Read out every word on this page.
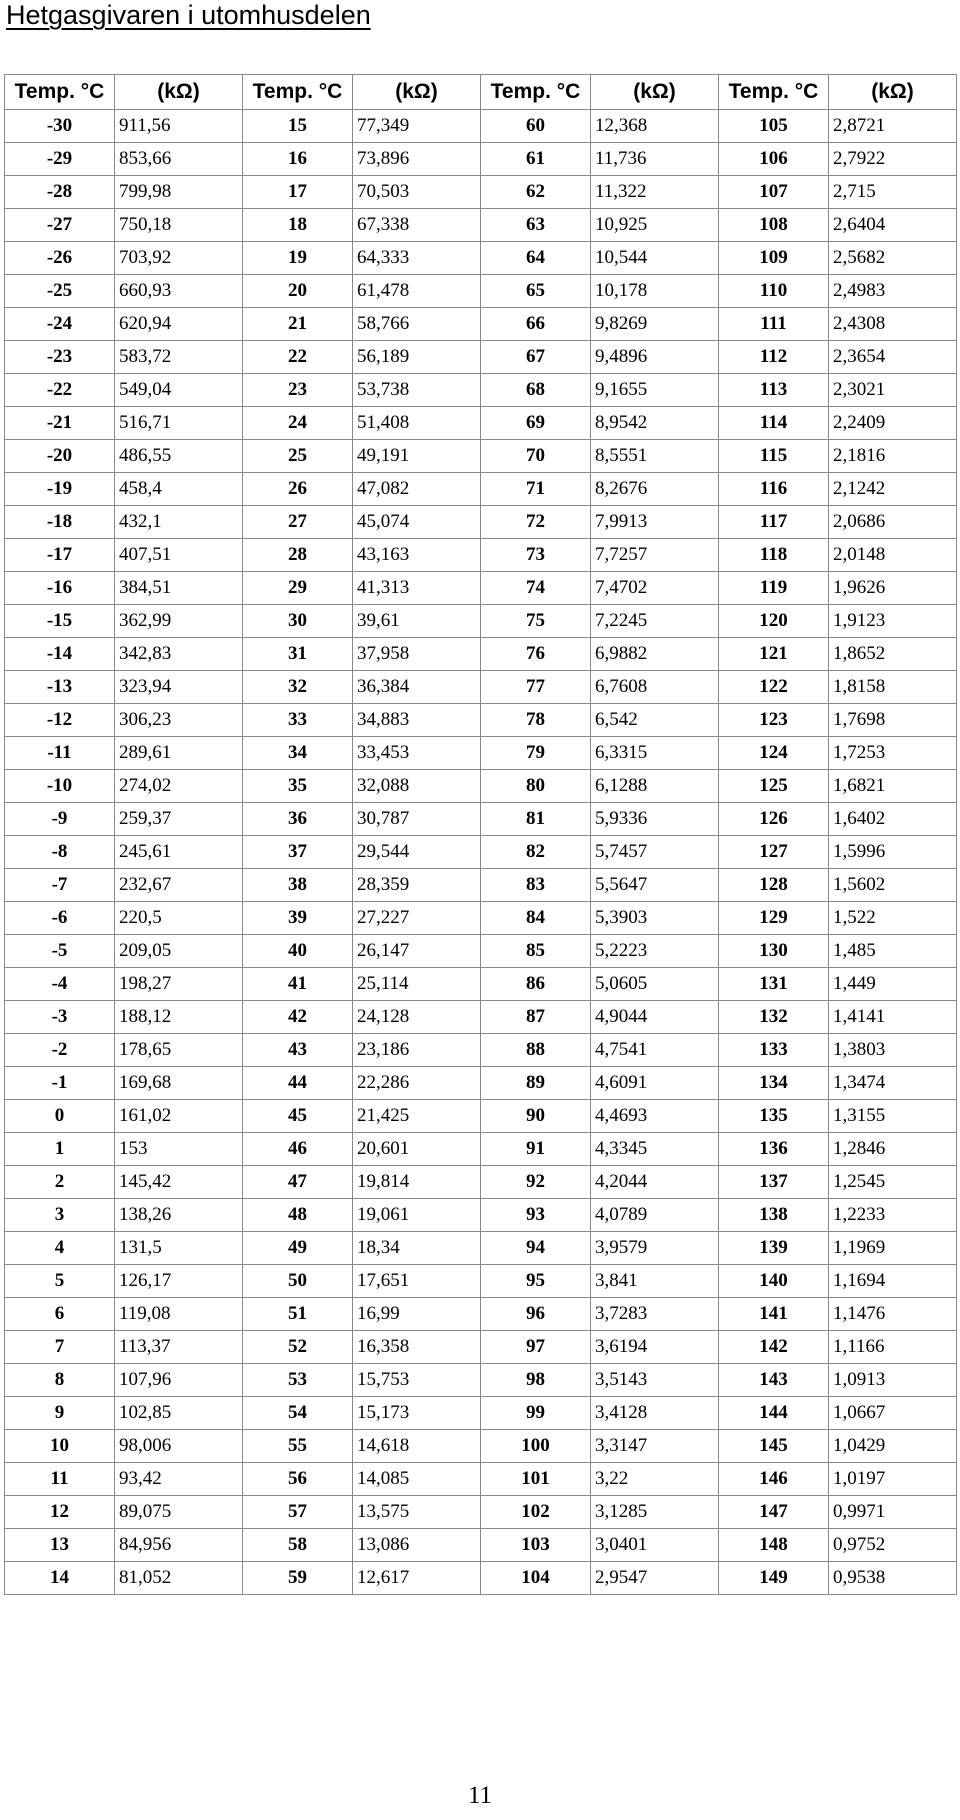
Hetgasgivaren i utomhusdelen
Temp. °C	(kΩ)	Temp. °C	(kΩ)	Temp. °C	(kΩ)	Temp. °C	(kΩ)
-30	911,56	15	77,349	60	12,368	105	2,8721
-29	853,66	16	73,896	61	11,736	106	2,7922
-28	799,98	17	70,503	62	11,322	107	2,715
-27	750,18	18	67,338	63	10,925	108	2,6404
-26	703,92	19	64,333	64	10,544	109	2,5682
-25	660,93	20	61,478	65	10,178	110	2,4983
-24	620,94	21	58,766	66	9,8269	111	2,4308
-23	583,72	22	56,189	67	9,4896	112	2,3654
-22	549,04	23	53,738	68	9,1655	113	2,3021
-21	516,71	24	51,408	69	8,9542	114	2,2409
-20	486,55	25	49,191	70	8,5551	115	2,1816
-19	458,4	26	47,082	71	8,2676	116	2,1242
-18	432,1	27	45,074	72	7,9913	117	2,0686
-17	407,51	28	43,163	73	7,7257	118	2,0148
-16	384,51	29	41,313	74	7,4702	119	1,9626
-15	362,99	30	39,61	75	7,2245	120	1,9123
-14	342,83	31	37,958	76	6,9882	121	1,8652
-13	323,94	32	36,384	77	6,7608	122	1,8158
-12	306,23	33	34,883	78	6,542	123	1,7698
-11	289,61	34	33,453	79	6,3315	124	1,7253
-10	274,02	35	32,088	80	6,1288	125	1,6821
-9	259,37	36	30,787	81	5,9336	126	1,6402
-8	245,61	37	29,544	82	5,7457	127	1,5996
-7	232,67	38	28,359	83	5,5647	128	1,5602
-6	220,5	39	27,227	84	5,3903	129	1,522
-5	209,05	40	26,147	85	5,2223	130	1,485
-4	198,27	41	25,114	86	5,0605	131	1,449
-3	188,12	42	24,128	87	4,9044	132	1,4141
-2	178,65	43	23,186	88	4,7541	133	1,3803
-1	169,68	44	22,286	89	4,6091	134	1,3474
0	161,02	45	21,425	90	4,4693	135	1,3155
1	153	46	20,601	91	4,3345	136	1,2846
2	145,42	47	19,814	92	4,2044	137	1,2545
3	138,26	48	19,061	93	4,0789	138	1,2233
4	131,5	49	18,34	94	3,9579	139	1,1969
5	126,17	50	17,651	95	3,841	140	1,1694
6	119,08	51	16,99	96	3,7283	141	1,1476
7	113,37	52	16,358	97	3,6194	142	1,1166
8	107,96	53	15,753	98	3,5143	143	1,0913
9	102,85	54	15,173	99	3,4128	144	1,0667
10	98,006	55	14,618	100	3,3147	145	1,0429
11	93,42	56	14,085	101	3,22	146	1,0197
12	89,075	57	13,575	102	3,1285	147	0,9971
13	84,956	58	13,086	103	3,0401	148	0,9752
14	81,052	59	12,617	104	2,9547	149	0,9538
11
